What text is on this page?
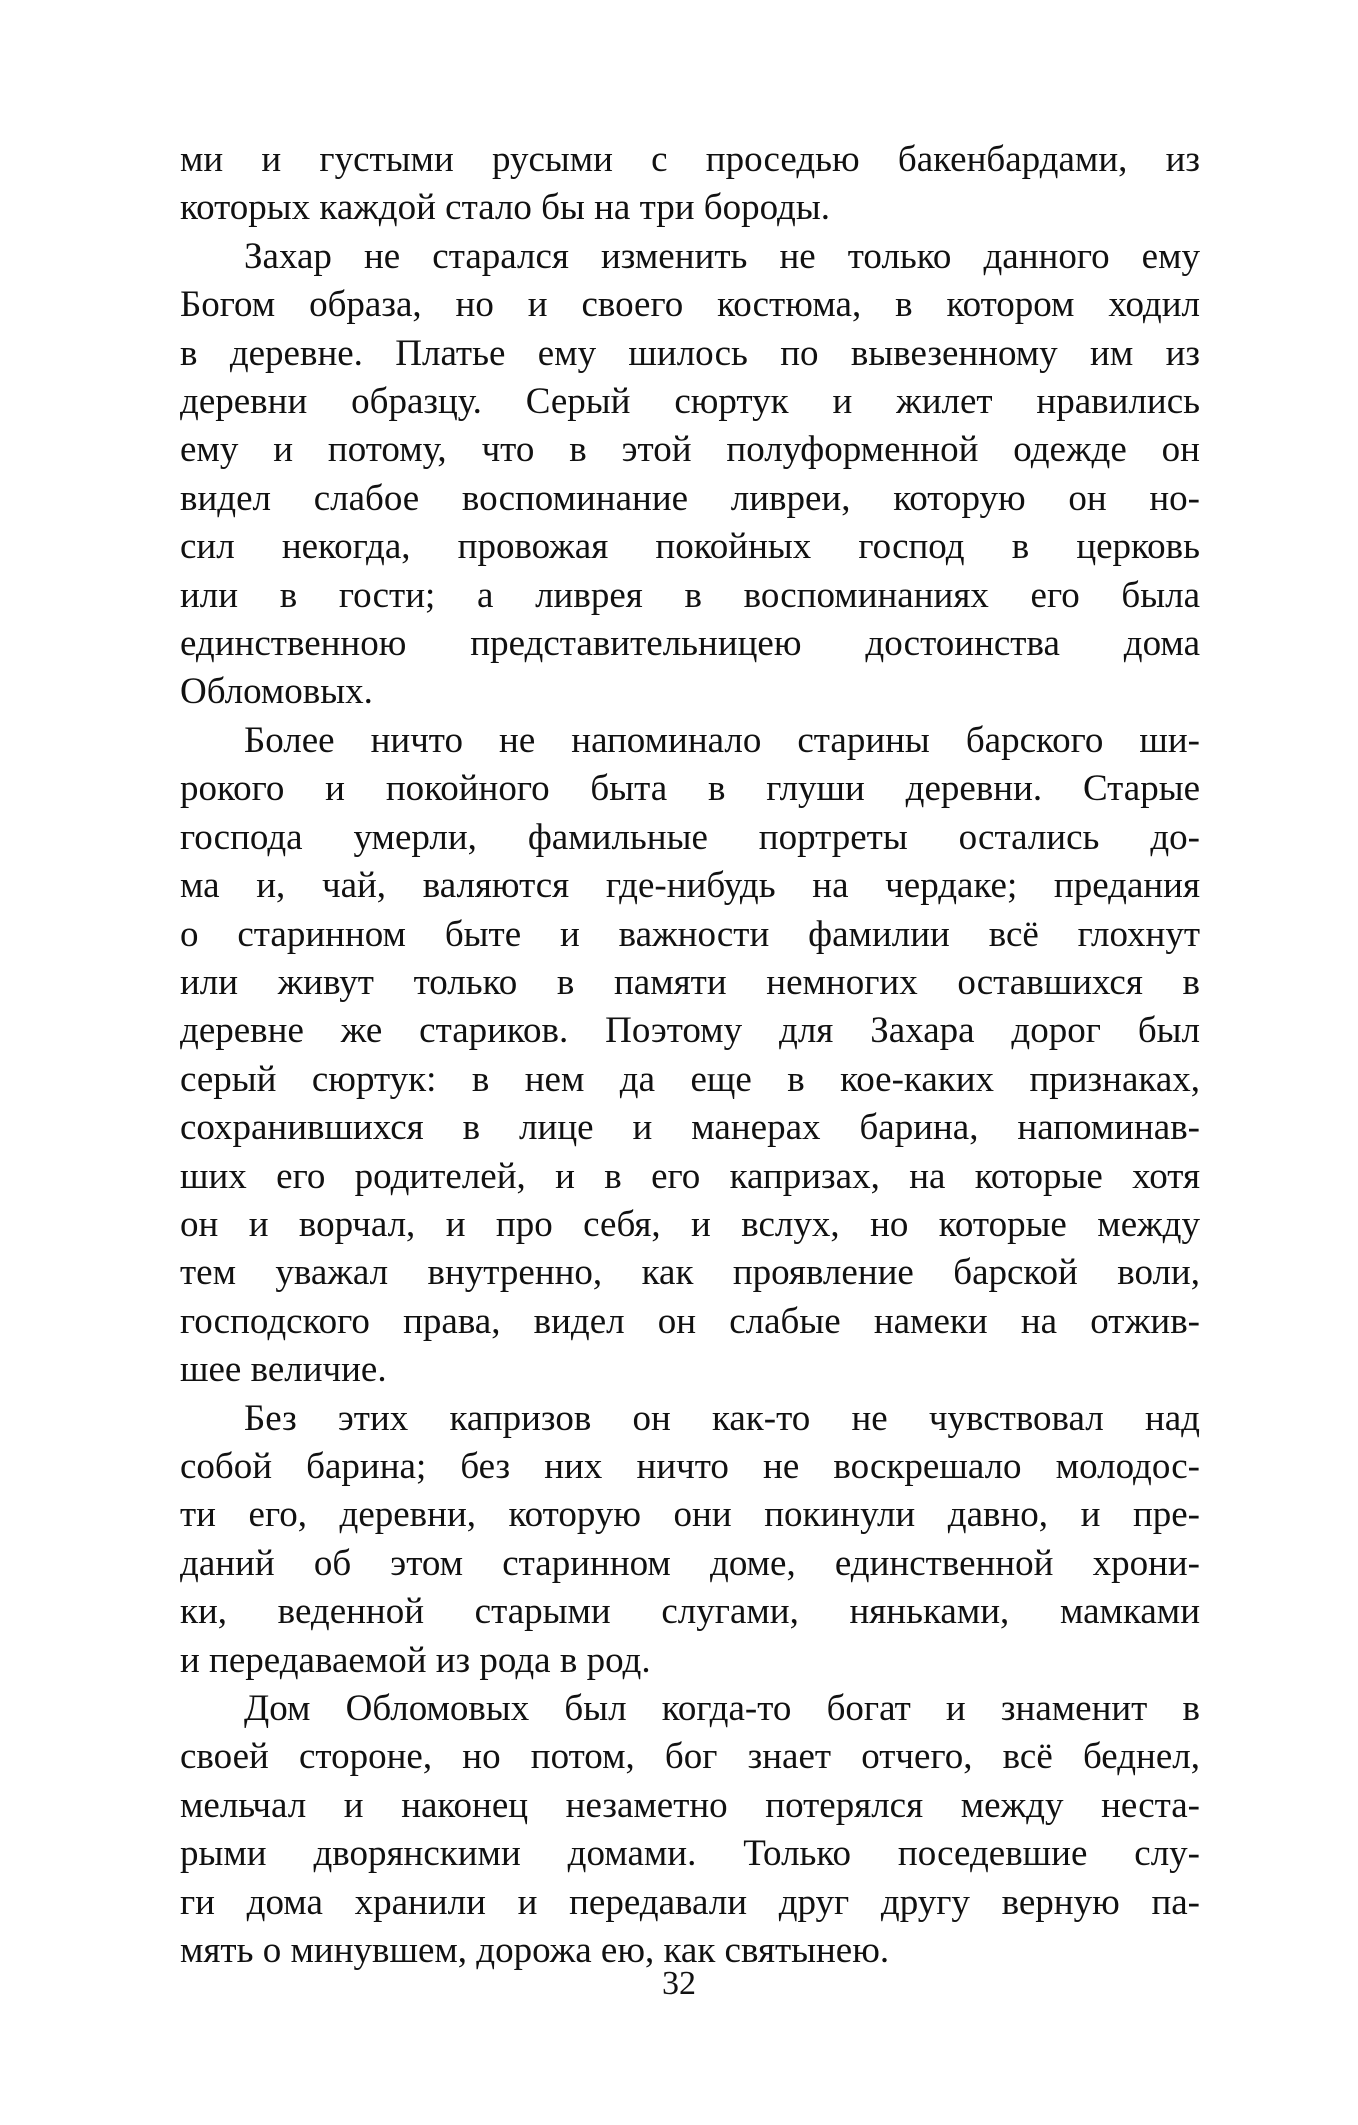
ми и густыми русыми с проседью бакенбардами, из
которых каждой стало бы на три бороды.
Захар не старался изменить не только данного ему
Богом образа, но и своего костюма, в котором ходил
в деревне. Платье ему шилось по вывезенному им из
деревни образцу. Серый сюртук и жилет нравились
ему и потому, что в этой полуформенной одежде он
видел слабое воспоминание ливреи, которую он но-
сил некогда, провожая покойных господ в церковь
или в гости; а ливрея в воспоминаниях его была
единственною представительницею достоинства дома
Обломовых.
Более ничто не напоминало старины барского ши-
рокого и покойного быта в глуши деревни. Старые
господа умерли, фамильные портреты остались до-
ма и, чай, валяются где-нибудь на чердаке; предания
о старинном быте и важности фамилии всё глохнут
или живут только в памяти немногих оставшихся в
деревне же стариков. Поэтому для Захара дорог был
серый сюртук: в нем да еще в кое-каких признаках,
сохранившихся в лице и манерах барина, напоминав-
ших его родителей, и в его капризах, на которые хотя
он и ворчал, и про себя, и вслух, но которые между
тем уважал внутренно, как проявление барской воли,
господского права, видел он слабые намеки на отжив-
шее величие.
Без этих капризов он как-то не чувствовал над
собой барина; без них ничто не воскрешало молодос-
ти его, деревни, которую они покинули давно, и пре-
даний об этом старинном доме, единственной хрони-
ки, веденной старыми слугами, няньками, мамками
и передаваемой из рода в род.
Дом Обломовых был когда-то богат и знаменит в
своей стороне, но потом, бог знает отчего, всё беднел,
мельчал и наконец незаметно потерялся между неста-
рыми дворянскими домами. Только поседевшие слу-
ги дома хранили и передавали друг другу верную па-
мять о минувшем, дорожа ею, как святынею.
32
